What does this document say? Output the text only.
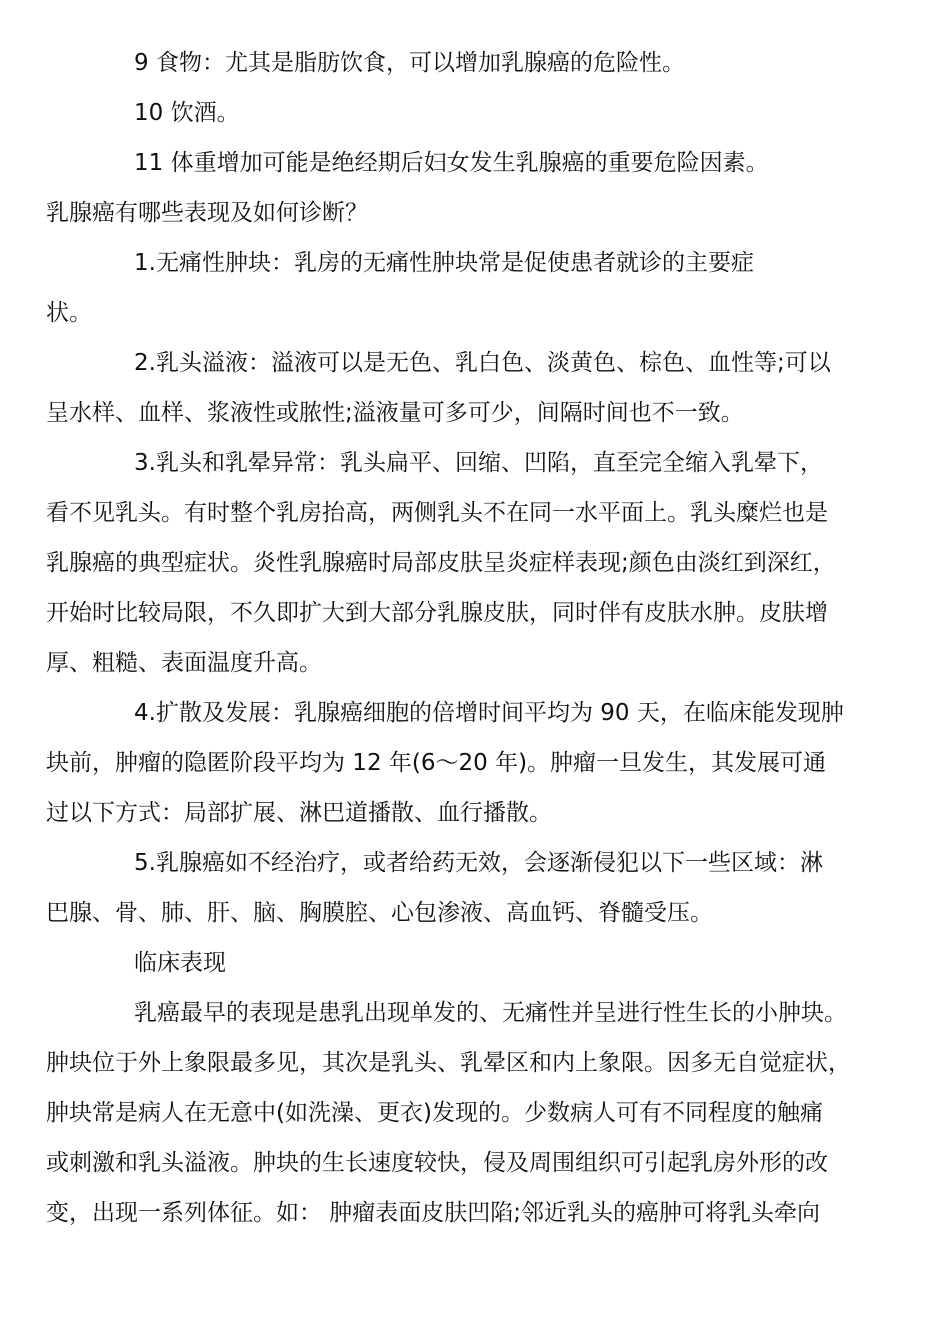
9 食物：尤其是脂肪饮食，可以增加乳腺癌的危险性。
10 饮酒。
11 体重增加可能是绝经期后妇女发生乳腺癌的重要危险因素。
乳腺癌有哪些表现及如何诊断？
1.无痛性肿块：乳房的无痛性肿块常是促使患者就诊的主要症
状。
2.乳头溢液：溢液可以是无色、乳白色、淡黄色、棕色、血性等;可以
呈水样、血样、浆液性或脓性;溢液量可多可少，间隔时间也不一致。
3.乳头和乳晕异常：乳头扁平、回缩、凹陷，直至完全缩入乳晕下，
看不见乳头。有时整个乳房抬高，两侧乳头不在同一水平面上。乳头糜烂也是
乳腺癌的典型症状。炎性乳腺癌时局部皮肤呈炎症样表现;颜色由淡红到深红，
开始时比较局限，不久即扩大到大部分乳腺皮肤，同时伴有皮肤水肿。皮肤增
厚、粗糙、表面温度升高。
4.扩散及发展：乳腺癌细胞的倍增时间平均为 90 天，在临床能发现肿
块前，肿瘤的隐匿阶段平均为 12 年(6～20 年)。肿瘤一旦发生，其发展可通
过以下方式：局部扩展、淋巴道播散、血行播散。
5.乳腺癌如不经治疗，或者给药无效，会逐渐侵犯以下一些区域：淋
巴腺、骨、肺、肝、脑、胸膜腔、心包渗液、高血钙、脊髓受压。
临床表现
乳癌最早的表现是患乳出现单发的、无痛性并呈进行性生长的小肿块。
肿块位于外上象限最多见，其次是乳头、乳晕区和内上象限。因多无自觉症状，
肿块常是病人在无意中(如洗澡、更衣)发现的。少数病人可有不同程度的触痛
或刺激和乳头溢液。肿块的生长速度较快，侵及周围组织可引起乳房外形的改
变，出现一系列体征。如： 肿瘤表面皮肤凹陷;邻近乳头的癌肿可将乳头牵向
